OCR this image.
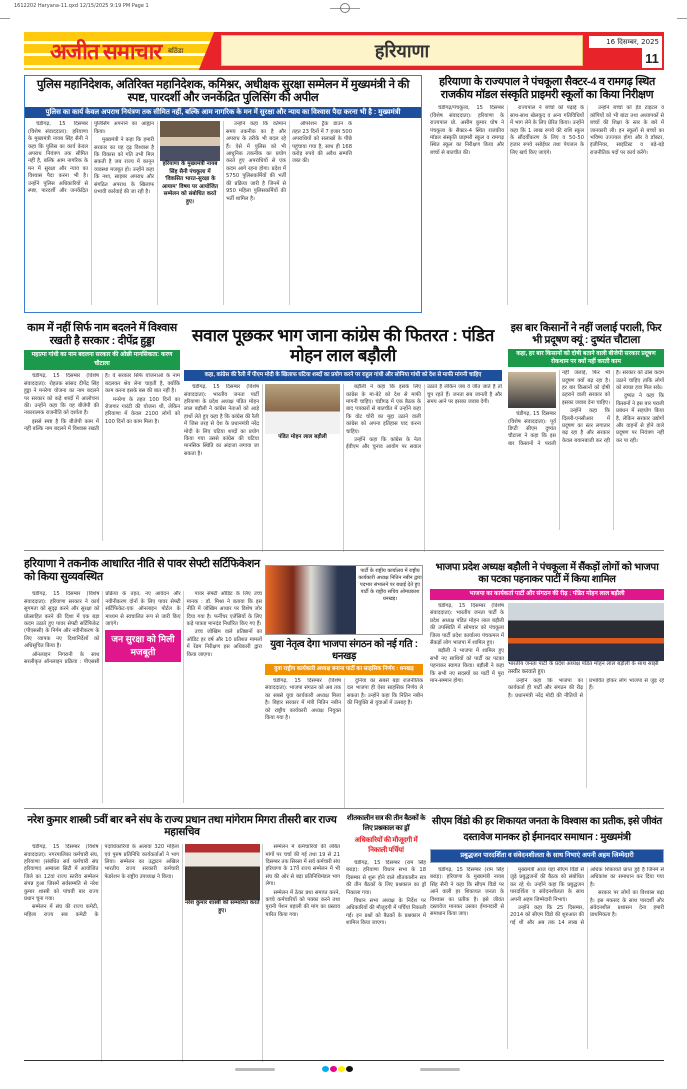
1612202 Haryana-11.qxd 12/15/2025 9:19 PM Page 1
अजीत समाचार बठिंडा	हरियाणा	16 दिसम्बर, 2025
11
पुलिस महानिदेशक, अतिरिक्त महानिदेशक, कमिश्नर, अधीक्षक सुरक्षा सम्मेलन में मुख्यमंत्री ने की स्पष्ट, पारदर्शी और जनकेंद्रित पुलिसिंग की अपील
पुलिस का कार्य केवल अपराध नियंत्रण तक सीमित नहीं, बल्कि आम नागरिक के मन में सुरक्षा और न्याय का विश्वास पैदा करना भी है : मुख्यमंत्री

चंडीगढ़, 15 दिसम्बर (विशेष संवाददाता): हरियाणा के मुख्यमंत्री नायब सिंह सैनी ने कहा कि पुलिस का कार्य केवल अपराध नियंत्रण तक सीमित नहीं है, बल्कि आम नागरिक के मन में सुरक्षा और न्याय का विश्वास पैदा करना भी है। उन्होंने पुलिस अधिकारियों से स्पष्ट, पारदर्शी और जनकेंद्रित पुलिसिंग अपनाने का आह्वान किया।

मुख्यमंत्री ने कहा कि हमारी सरकार का यह दृढ़ विश्वास है कि विकास को गति तभी मिल सकती है जब राज्य में कानून व्यवस्था मजबूत हो। उन्होंने कहा कि नशा, साइबर अपराध और संगठित अपराध के खिलाफ प्रभावी कार्रवाई की जा रही है।

हरियाणा के मुख्यमंत्री नायब सिंह सैनी पंचकूला में 'विकसित भारत-सुरक्षा के आयाम' विषय पर आयोजित सम्मेलन को संबोधित करते हुए।

उन्होंने कहा कि वर्तमान समय तकनीक का है और अपराध के तरीके भी बदल रहे हैं। ऐसे में पुलिस को भी आधुनिक तकनीक का प्रयोग करते हुए अपराधियों से एक कदम आगे रहना होगा। प्रदेश में 5750 पुलिसकर्मियों की भर्ती की प्रक्रिया जारी है जिनमें से 950 महिला पुलिसकर्मियों की भर्ती शामिल है।

ऑपरेशन ट्रैक डाउन के तहत 23 दिनों में 7 हजार 500 अपराधियों को सलाखों के पीछे पहुंचाया गया है, साथ ही 168 करोड़ रुपये की अवैध सम्पत्ति जब्त की।

हरियाणा के राज्यपाल ने पंचकूला सैक्टर-4 व रामगढ़ स्थित राजकीय मॉडल संस्कृति प्राइमरी स्कूलों का किया निरीक्षण

चंडीगढ़/पंचकूला, 15 दिसम्बर (विशेष संवाददाता): हरियाणा के राज्यपाल प्रो. असीम कुमार घोष ने पंचकूला के सैक्टर-4 स्थित राजकीय मॉडल संस्कृति प्राइमरी स्कूल व रामगढ़ स्थित स्कूल का निरीक्षण किया और बच्चों से बातचीत की।

राज्यपाल ने बच्चों को पढ़ाई के साथ-साथ खेलकूद व अन्य गतिविधियों में भाग लेने के लिए प्रेरित किया। उन्होंने कहा कि 1 लाख रुपये की राशि स्कूल के सौंदर्यीकरण के लिए व 50-50 हजार रुपये रसोईघर तथा पेयजल के लिए खर्च किए जाएंगे।

उन्होंने बच्चों को हेड टाइटल व कॉपियों को भी बांटा तथा अध्यापकों से बच्चों की शिक्षा के स्तर के बारे में जानकारी ली। इन स्कूलों से बच्चों का भविष्य उज्ज्वल होगा और वे डॉक्टर, इंजीनियर, साइंटिस्ट व बड़े-बड़े राजनीतिक पदों पर कार्य करेंगे।

काम में नहीं सिर्फ नाम बदलने में विश्वास रखती है सरकार : दीपेंद्र हुड्डा
महात्मा गांधी का नाम बदलना सरकार की ओछी मानसिकता: करण चौटाला

चंडीगढ़, 15 दिसम्बर (विशेष संवाददाता): रोहतक सांसद दीपेंद्र सिंह हुड्डा ने मनरेगा योजना का नाम बदलने पर सरकार को कड़े शब्दों में आलोचना की। उन्होंने कहा कि यह बीजेपी की नकारात्मक राजनीति को दर्शाता है।

इससे स्पष्ट है कि बीजेपी काम में नहीं बल्कि नाम बदलने में विश्वास रखती है। वे सरकार सिर्फ योजनाओं के नाम बदलकर श्रेय लेना चाहती है, क्योंकि काम करना इसके बस की बात नहीं है।

मनरेगा के तहत 100 दिनों का रोजगार गारंटी की योजना थी, लेकिन हरियाणा में केवल 2100 लोगों को 100 दिनों का काम मिला है।

सवाल पूछकर भाग जाना कांग्रेस की फितरत : पंडित मोहन लाल बड़ौली
कहा, कांग्रेस की रैली में पीएम मोदी के खिलाफ घटिया शब्दों का प्रयोग करने पर राहुल गांधी और सोनिया गांधी को देश से माफी मांगनी चाहिए

चंडीगढ़, 15 दिसम्बर (विशेष संवाददाता): भारतीय जनता पार्टी हरियाणा के प्रदेश अध्यक्ष पंडित मोहन लाल बड़ौली ने कांग्रेस नेताओं को आड़े हाथों लेते हुए कहा है कि कांग्रेस की रैली में जिस तरह से देश के प्रधानमंत्री नरेंद्र मोदी के लिए घटिया शब्दों का प्रयोग किया गया उससे कांग्रेस की घटिया मानसिक स्थिति का अंदाजा लगाया जा सकता है।

पंडित मोहन लाल बड़ौली

बड़ौली ने कहा कि इसके लिए कांग्रेस के मां-बेटे को देश से माफी मांगनी चाहिए। चंडीगढ़ में एक बैठक के बाद पत्रकारों से बातचीत में उन्होंने कहा कि वोट चोरी का मुद्दा उठाने वाली कांग्रेस को अपना इतिहास याद करना चाहिए।

उन्होंने कहा कि कांग्रेस के नेता ईवीएम और चुनाव आयोग पर सवाल उठाते हैं लेकिन जब वे जीत जाते हैं तो चुप रहते हैं। जनता सब जानती है और समय आने पर इसका जवाब देगी।

इस बार किसानों ने नहीं जलाई पराली, फिर भी प्रदूषण क्यूं : दुष्यंत चौटाला
कहा, हर बार किसानों को दोषी बताने वाली बीजेपी सरकार प्रदूषण रोकथाम पर क्यों नहीं करती काम

चंडीगढ़, 15 दिसम्बर (विशेष संवाददाता): पूर्व डिप्टी सीएम दुष्यंत चौटाला ने कहा कि इस बार किसानों ने पराली नहीं जलाई, फिर भी प्रदूषण क्यों बढ़ रहा है। हर बार किसानों को दोषी ठहराने वाली सरकार को इसका जवाब देना चाहिए।

उन्होंने कहा कि दिल्ली-एनसीआर में प्रदूषण का स्तर लगातार बढ़ रहा है और सरकार केवल बयानबाजी कर रही है। सरकार को ठोस कदम उठाने चाहिए ताकि लोगों को स्वच्छ हवा मिल सके।

दुष्यंत ने कहा कि किसानों ने इस बार पराली प्रबंधन में सहयोग किया है, लेकिन सरकार उद्योगों और वाहनों से होने वाले प्रदूषण पर नियंत्रण नहीं कर पा रही।

हरियाणा ने तकनीक आधारित नीति से पावर सेफ्टी सर्टिफिकेशन को किया सुव्यवस्थित

चंडीगढ़, 15 दिसम्बर (विशेष संवाददाता): हरियाणा सरकार ने कार्य सुगमता को सुदृढ़ करने और सुरक्षा को प्रोत्साहित करने की दिशा में एक बड़ा कदम उठाते हुए पावर सेफ्टी सर्टिफिकेट (पीएससी) के निर्गम और नवीनीकरण के लिए व्यापक नए दिशानिर्देशों को अधिसूचित किया है।

ऑनलाइन निगरानी के साथ सरलीकृत ऑनलाइन प्रक्रिया : पीएससी प्रक्रिया के तहत, नए आवेदन और नवीनीकरण दोनों के लिए पावर सेफ्टी सर्टिफिकेट-एक ऑनलाइन पोर्टल के माध्यम से स्वचालित रूप से जारी किए जाएंगे।

जन सुरक्षा को मिली मजबूती

पावर सेफ्टी ऑडिट के लिए उच्च मानक : डॉ. मिश्रा ने बताया कि इस नीति में जोखिम आधार पर विशेष जोर दिया गया है। फर्नीचर एजेंसियों के लिए कड़े पात्रता मानदंड निर्धारित किए गए हैं।

उच्च जोखिम वाले प्रतिष्ठानों का ऑडिट हर वर्ष और 10 प्रतिशत मामलों में रेंडम निरीक्षण इस अधिकारी द्वारा किया जाएगा।

पार्टी के राष्ट्रीय कार्यालय में राष्ट्रीय कार्यकारी अध्यक्ष नितिन नबीन द्वारा पदभार संभालने पर बधाई देते हुए पार्टी के राष्ट्रीय सचिव ओमप्रकाश धनखड़।
युवा नेतृत्व देगा भाजपा संगठन को नई गति : धनखड़
युवा राष्ट्रीय कार्यकारी अध्यक्ष बनाना पार्टी का साहसिक निर्णय : धनखड़

चंडीगढ़, 15 दिसम्बर (विशेष संवाददाता): भाजपा संगठन को अब तक का सबसे युवा कार्यकारी अध्यक्ष मिला है। बिहार सरकार में मंत्री नितिन नबीन को राष्ट्रीय कार्यकारी अध्यक्ष नियुक्त किया गया है।

दुनिया का सबसे बड़ा राजनीतिक दल भाजपा ही ऐसा साहसिक निर्णय ले सकता है। उन्होंने कहा कि नितिन नबीन की नियुक्ति से युवाओं में उत्साह है।

भाजपा प्रदेश अध्यक्ष बड़ौली ने पंचकूला में सैंकड़ों लोगों को भाजपा का पटका पहनाकर पार्टी में किया शामिल
भाजपा का कार्यकर्ता पार्टी और संगठन की रीढ़ : पंडित मोहन लाल बड़ौली

चंडीगढ़, 15 दिसम्बर (विशेष संवाददाता): भारतीय जनता पार्टी के प्रदेश अध्यक्ष पंडित मोहन लाल बड़ौली की उपस्थिति में सोमवार को पंचकूला जिला पार्टी प्रदेश कार्यालय पंचकमल में सैकड़ों लोग भाजपा में शामिल हुए।

बड़ौली ने भाजपा में शामिल हुए सभी नए साथियों को पार्टी का पटका पहनाकर स्वागत किया। बड़ौली ने कहा कि सभी नए सदस्यों का पार्टी में पूरा मान-सम्मान होगा।

भारतीय जनता पार्टी के प्रदेश अध्यक्ष पंडित मोहन लाल बड़ौली के साथ सांझी तस्वीर करवाते हुए।

उन्होंने कहा कि भाजपा का कार्यकर्ता ही पार्टी और संगठन की रीढ़ है। प्रधानमंत्री नरेंद्र मोदी की नीतियों से प्रभावित होकर लोग भाजपा से जुड़ रहे हैं।

नरेश कुमार शास्त्री 5वीं बार बने संघ के राज्य प्रधान तथा मांगेराम मिगरा तीसरी बार राज्य महासचिव

चंडीगढ़, 15 दिसम्बर (विशेष संवाददाता): नगरपालिका कर्मचारी संघ, हरियाणा (संबंधित सर्व कर्मचारी संघ हरियाणा) अम्बाला सिटी में आयोजित जिले का 12वां राज्य स्तरीय सम्मेलन संपन्न हुआ जिसमें सर्वसम्मति से नरेश कुमार शास्त्री को पांचवीं बार राज्य प्रधान चुना गया।

सम्मेलन में संघ की राज्य कमेटी, महिला राज्य सब कमेटी के पदाधिकारियों के अलावा 320 महिला एवं पुरुष प्रतिनिधि कार्यकर्ताओं ने भाग लिया। सम्मेलन का उद्घाटन अखिल भारतीय राज्य सरकारी कर्मचारी फेडरेशन के राष्ट्रीय उपाध्यक्ष ने किया।

नरेश कुमार शास्त्री को सम्मानित करते हुए।

सम्मेलन में कर्मचारियों की लंबित मांगों पर चर्चा की गई तथा 19 से 21 दिसम्बर तक सिरसा में सर्व कर्मचारी संघ हरियाणा के 17वें राज्य सम्मेलन में भी संघ की ओर से बड़ा प्रतिनिधिमंडल भाग लेगा।

सम्मेलन में ठेका प्रथा समाप्त करने, कच्चे कर्मचारियों को पक्का करने तथा पुरानी पेंशन बहाली की मांग का प्रस्ताव पारित किया गया।

शीतकालीन सत्र की तीन बैठकों के लिए प्रश्नकाल का ड्रॉ
अधिकारियों की मौजूदगी में निकाली पर्चियां

चंडीगढ़, 15 दिसम्बर (राम सिंह बराड़): हरियाणा विधान सभा के 18 दिसम्बर से शुरू होने वाले शीतकालीन सत्र की तीन बैठकों के लिए प्रश्नकाल का ड्रॉ निकाला गया।

विधान सभा अध्यक्ष के निर्देश पर अधिकारियों की मौजूदगी में पर्चियां निकाली गईं। इन प्रश्नों को बैठकों के प्रश्नकाल में शामिल किया जाएगा।

सीएम विंडो की हर शिकायत जनता के विश्वास का प्रतीक, इसे जीवंत दस्तावेज मानकर हो ईमानदार समाधान : मुख्यमंत्री
प्रबुद्धजन पारदर्शिता व संवेदनशीलता के साथ निभाएं अपनी अहम जिम्मेदारी

चंडीगढ़, 15 दिसम्बर (राम सिंह बराड़): हरियाणा के मुख्यमंत्री नायब सिंह सैनी ने कहा कि सीएम विंडो पर आने वाली हर शिकायत जनता के विश्वास का प्रतीक है। इसे जीवंत दस्तावेज मानकर उसका ईमानदारी से समाधान किया जाए।

मुख्यमंत्री आज यहां सीएम विंडो से जुड़े प्रबुद्धजनों की बैठक को संबोधित कर रहे थे। उन्होंने कहा कि प्रबुद्धजन पारदर्शिता व संवेदनशीलता के साथ अपनी अहम जिम्मेदारी निभाएं।

उन्होंने कहा कि 25 दिसम्बर, 2014 को सीएम विंडो की शुरुआत की गई थी और अब तक 14 लाख से अधिक शिकायतें प्राप्त हुई हैं जिनमें से अधिकांश का समाधान कर दिया गया है।

सरकार पर लोगों का विश्वास बढ़ा है। इस मकसद के साथ पारदर्शी और संवेदनशील प्रशासन देना हमारी प्राथमिकता है।
